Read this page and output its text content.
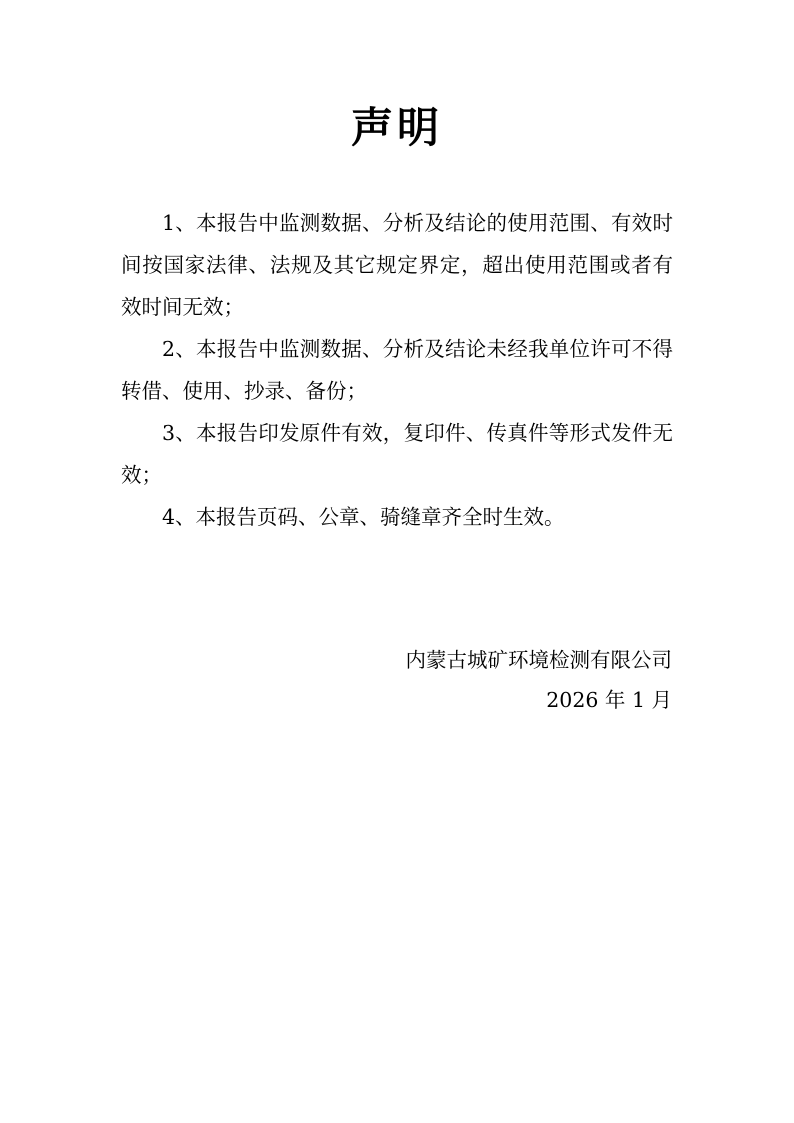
声明

1、本报告中监测数据、分析及结论的使用范围、有效时间按国家法律、法规及其它规定界定，超出使用范围或者有效时间无效；

2、本报告中监测数据、分析及结论未经我单位许可不得转借、使用、抄录、备份；

3、本报告印发原件有效，复印件、传真件等形式发件无效；

4、本报告页码、公章、骑缝章齐全时生效。

内蒙古城矿环境检测有限公司
2026 年 1 月
